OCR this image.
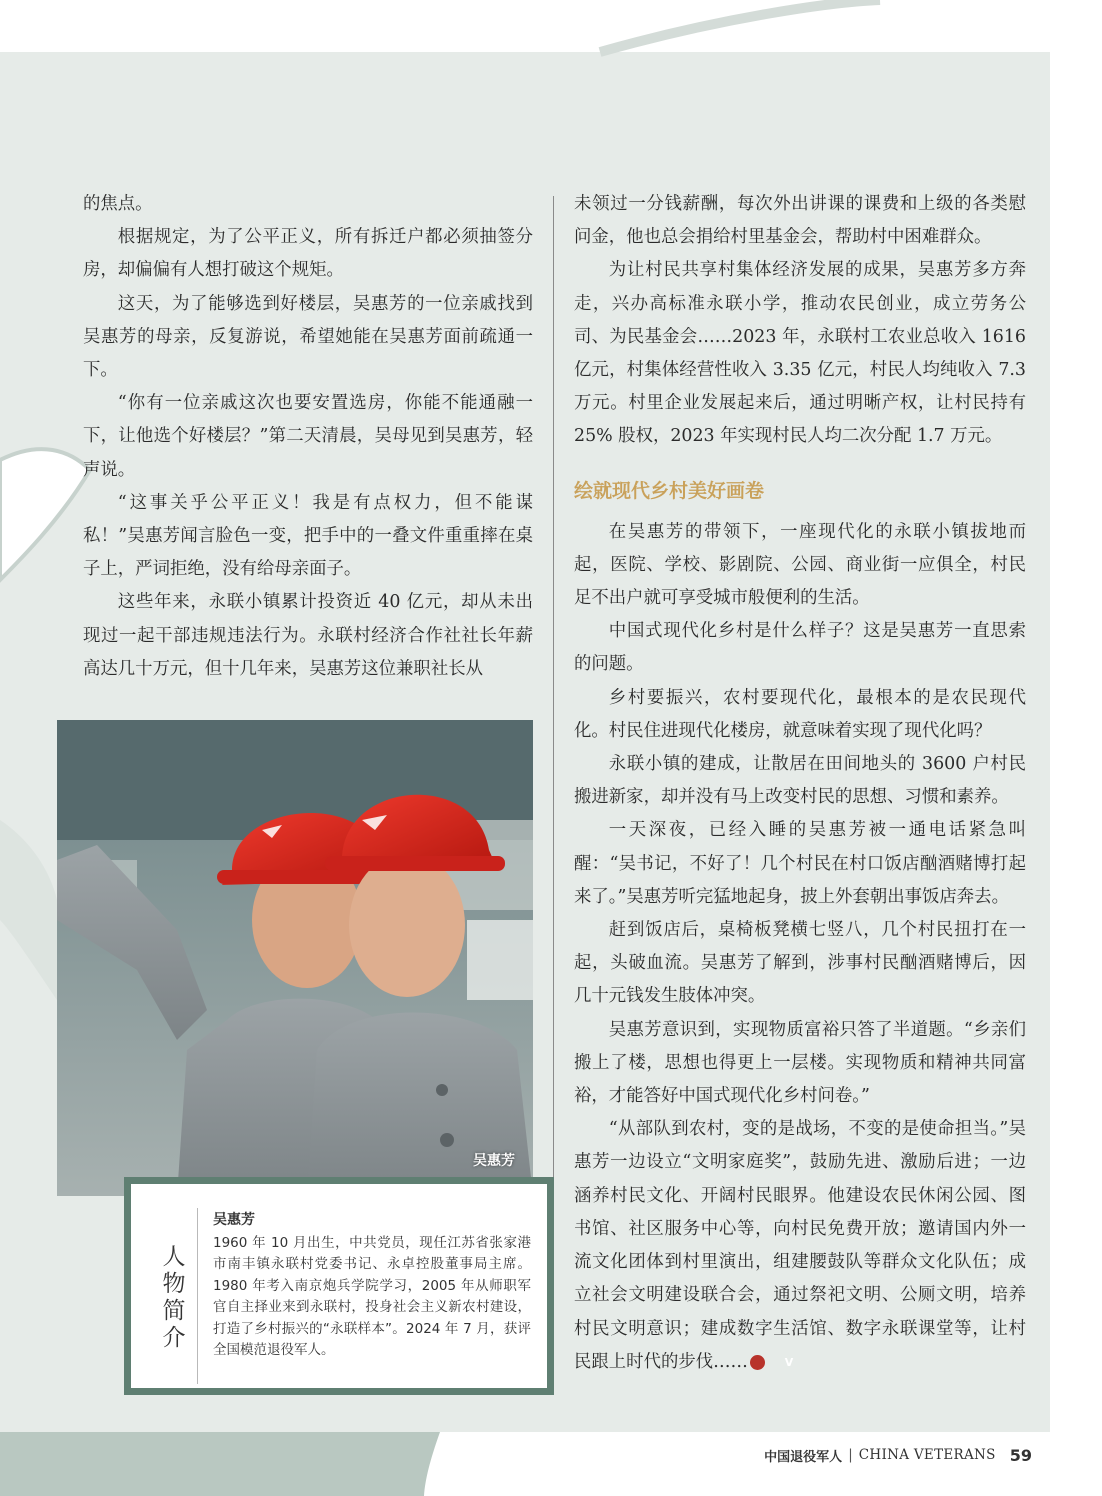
的焦点。

根据规定，为了公平正义，所有拆迁户都必须抽签分房，却偏偏有人想打破这个规矩。

这天，为了能够选到好楼层，吴惠芳的一位亲戚找到吴惠芳的母亲，反复游说，希望她能在吴惠芳面前疏通一下。

“你有一位亲戚这次也要安置选房，你能不能通融一下，让他选个好楼层？”第二天清晨，吴母见到吴惠芳，轻声说。

“这事关乎公平正义！我是有点权力，但不能谋私！”吴惠芳闻言脸色一变，把手中的一叠文件重重摔在桌子上，严词拒绝，没有给母亲面子。

这些年来，永联小镇累计投资近 40 亿元，却从未出现过一起干部违规违法行为。永联村经济合作社社长年薪高达几十万元，但十几年来，吴惠芳这位兼职社长从

未领过一分钱薪酬，每次外出讲课的课费和上级的各类慰问金，他也总会捐给村里基金会，帮助村中困难群众。

为让村民共享村集体经济发展的成果，吴惠芳多方奔走，兴办高标准永联小学，推动农民创业，成立劳务公司、为民基金会……2023 年，永联村工农业总收入 1616 亿元，村集体经营性收入 3.35 亿元，村民人均纯收入 7.3 万元。村里企业发展起来后，通过明晰产权，让村民持有 25% 股权，2023 年实现村民人均二次分配 1.7 万元。

绘就现代乡村美好画卷

在吴惠芳的带领下，一座现代化的永联小镇拔地而起，医院、学校、影剧院、公园、商业街一应俱全，村民足不出户就可享受城市般便利的生活。

中国式现代化乡村是什么样子？这是吴惠芳一直思索的问题。

乡村要振兴，农村要现代化，最根本的是农民现代化。村民住进现代化楼房，就意味着实现了现代化吗？

永联小镇的建成，让散居在田间地头的 3600 户村民搬进新家，却并没有马上改变村民的思想、习惯和素养。

一天深夜，已经入睡的吴惠芳被一通电话紧急叫醒：“吴书记，不好了！几个村民在村口饭店酗酒赌博打起来了。”吴惠芳听完猛地起身，披上外套朝出事饭店奔去。

赶到饭店后，桌椅板凳横七竖八，几个村民扭打在一起，头破血流。吴惠芳了解到，涉事村民酗酒赌博后，因几十元钱发生肢体冲突。

吴惠芳意识到，实现物质富裕只答了半道题。“乡亲们搬上了楼，思想也得更上一层楼。实现物质和精神共同富裕，才能答好中国式现代化乡村问卷。”

“从部队到农村，变的是战场，不变的是使命担当。”吴惠芳一边设立“文明家庭奖”，鼓励先进、激励后进；一边涵养村民文化、开阔村民眼界。他建设农民休闲公园、图书馆、社区服务中心等，向村民免费开放；邀请国内外一流文化团体到村里演出，组建腰鼓队等群众文化队伍；成立社会文明建设联合会，通过祭祀文明、公厕文明，培养村民文明意识；建成数字生活馆、数字永联课堂等，让村民跟上时代的步伐……	V

吴惠芳
人
物
简
介
吴惠芳
1960 年 10 月出生，中共党员，现任江苏省张家港市南丰镇永联村党委书记、永卓控股董事局主席。1980 年考入南京炮兵学院学习，2005 年从师职军官自主择业来到永联村，投身社会主义新农村建设，打造了乡村振兴的“永联样本”。2024 年 7 月，获评全国模范退役军人。
中国退役军人 | CHINA VETERANS 59
